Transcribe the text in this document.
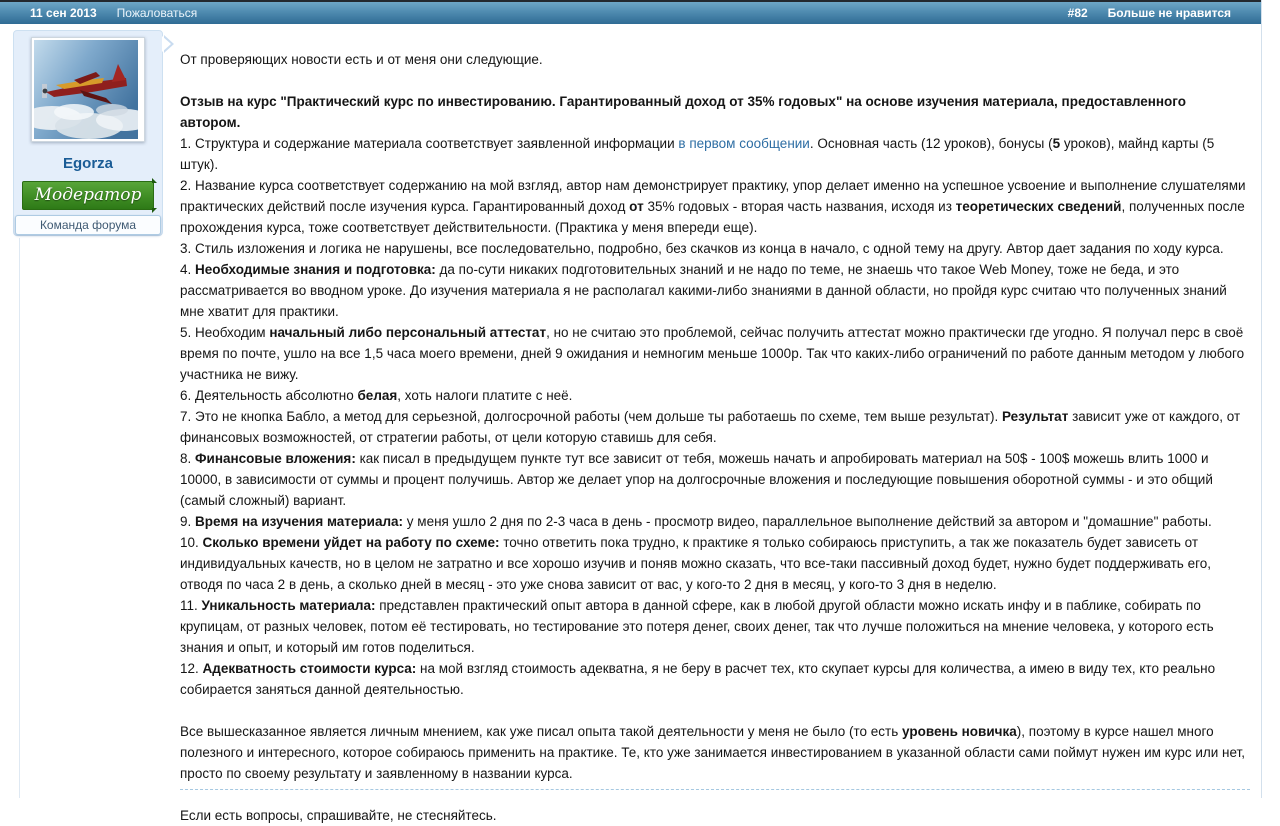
11 сен 2013 Пожаловаться	#82 Больше не нравится
Egorza
Модератор
Команда форума
От проверяющих новости есть и от меня они следующие.
Отзыв на курс "Практический курс по инвестированию. Гарантированный доход от 35% годовых" на основе изучения материала, предоставленного автором.
1. Структура и содержание материала соответствует заявленной информации в первом сообщении. Основная часть (12 уроков), бонусы (5 уроков), майнд карты (5 штук).
2. Название курса соответствует содержанию на мой взгляд, автор нам демонстрирует практику, упор делает именно на успешное усвоение и выполнение слушателями практических действий после изучения курса. Гарантированный доход от 35% годовых - вторая часть названия, исходя из теоретических сведений, полученных после прохождения курса, тоже соответствует действительности. (Практика у меня впереди еще).
3. Стиль изложения и логика не нарушены, все последовательно, подробно, без скачков из конца в начало, с одной тему на другу. Автор дает задания по ходу курса.
4. Необходимые знания и подготовка: да по-сути никаких подготовительных знаний и не надо по теме, не знаешь что такое Web Money, тоже не беда, и это рассматривается во вводном уроке. До изучения материала я не располагал какими-либо знаниями в данной области, но пройдя курс считаю что полученных знаний мне хватит для практики.
5. Необходим начальный либо персональный аттестат, но не считаю это проблемой, сейчас получить аттестат можно практически где угодно. Я получал перс в своё время по почте, ушло на все 1,5 часа моего времени, дней 9 ожидания и немногим меньше 1000р. Так что каких-либо ограничений по работе данным методом у любого участника не вижу.
6. Деятельность абсолютно белая, хоть налоги платите с неё.
7. Это не кнопка Бабло, а метод для серьезной, долгосрочной работы (чем дольше ты работаешь по схеме, тем выше результат). Результат зависит уже от каждого, от финансовых возможностей, от стратегии работы, от цели которую ставишь для себя.
8. Финансовые вложения: как писал в предыдущем пункте тут все зависит от тебя, можешь начать и апробировать материал на 50$ - 100$ можешь влить 1000 и 10000, в зависимости от суммы и процент получишь. Автор же делает упор на долгосрочные вложения и последующие повышения оборотной суммы - и это общий (самый сложный) вариант.
9. Время на изучения материала: у меня ушло 2 дня по 2-3 часа в день - просмотр видео, параллельное выполнение действий за автором и "домашние" работы.
10. Сколько времени уйдет на работу по схеме: точно ответить пока трудно, к практике я только собираюсь приступить, а так же показатель будет зависеть от индивидуальных качеств, но в целом не затратно и все хорошо изучив и поняв можно сказать, что все-таки пассивный доход будет, нужно будет поддерживать его, отводя по часа 2 в день, а сколько дней в месяц - это уже снова зависит от вас, у кого-то 2 дня в месяц, у кого-то 3 дня в неделю.
11. Уникальность материала: представлен практический опыт автора в данной сфере, как в любой другой области можно искать инфу и в паблике, собирать по крупицам, от разных человек, потом её тестировать, но тестирование это потеря денег, своих денег, так что лучше положиться на мнение человека, у которого есть знания и опыт, и который им готов поделиться.
12. Адекватность стоимости курса: на мой взгляд стоимость адекватна, я не беру в расчет тех, кто скупает курсы для количества, а имею в виду тех, кто реально собирается заняться данной деятельностью.
Все вышесказанное является личным мнением, как уже писал опыта такой деятельности у меня не было (то есть уровень новичка), поэтому в курсе нашел много полезного и интересного, которое собираюсь применить на практике. Те, кто уже занимается инвестированием в указанной области сами поймут нужен им курс или нет, просто по своему результату и заявленному в названии курса.
Если есть вопросы, спрашивайте, не стесняйтесь.
